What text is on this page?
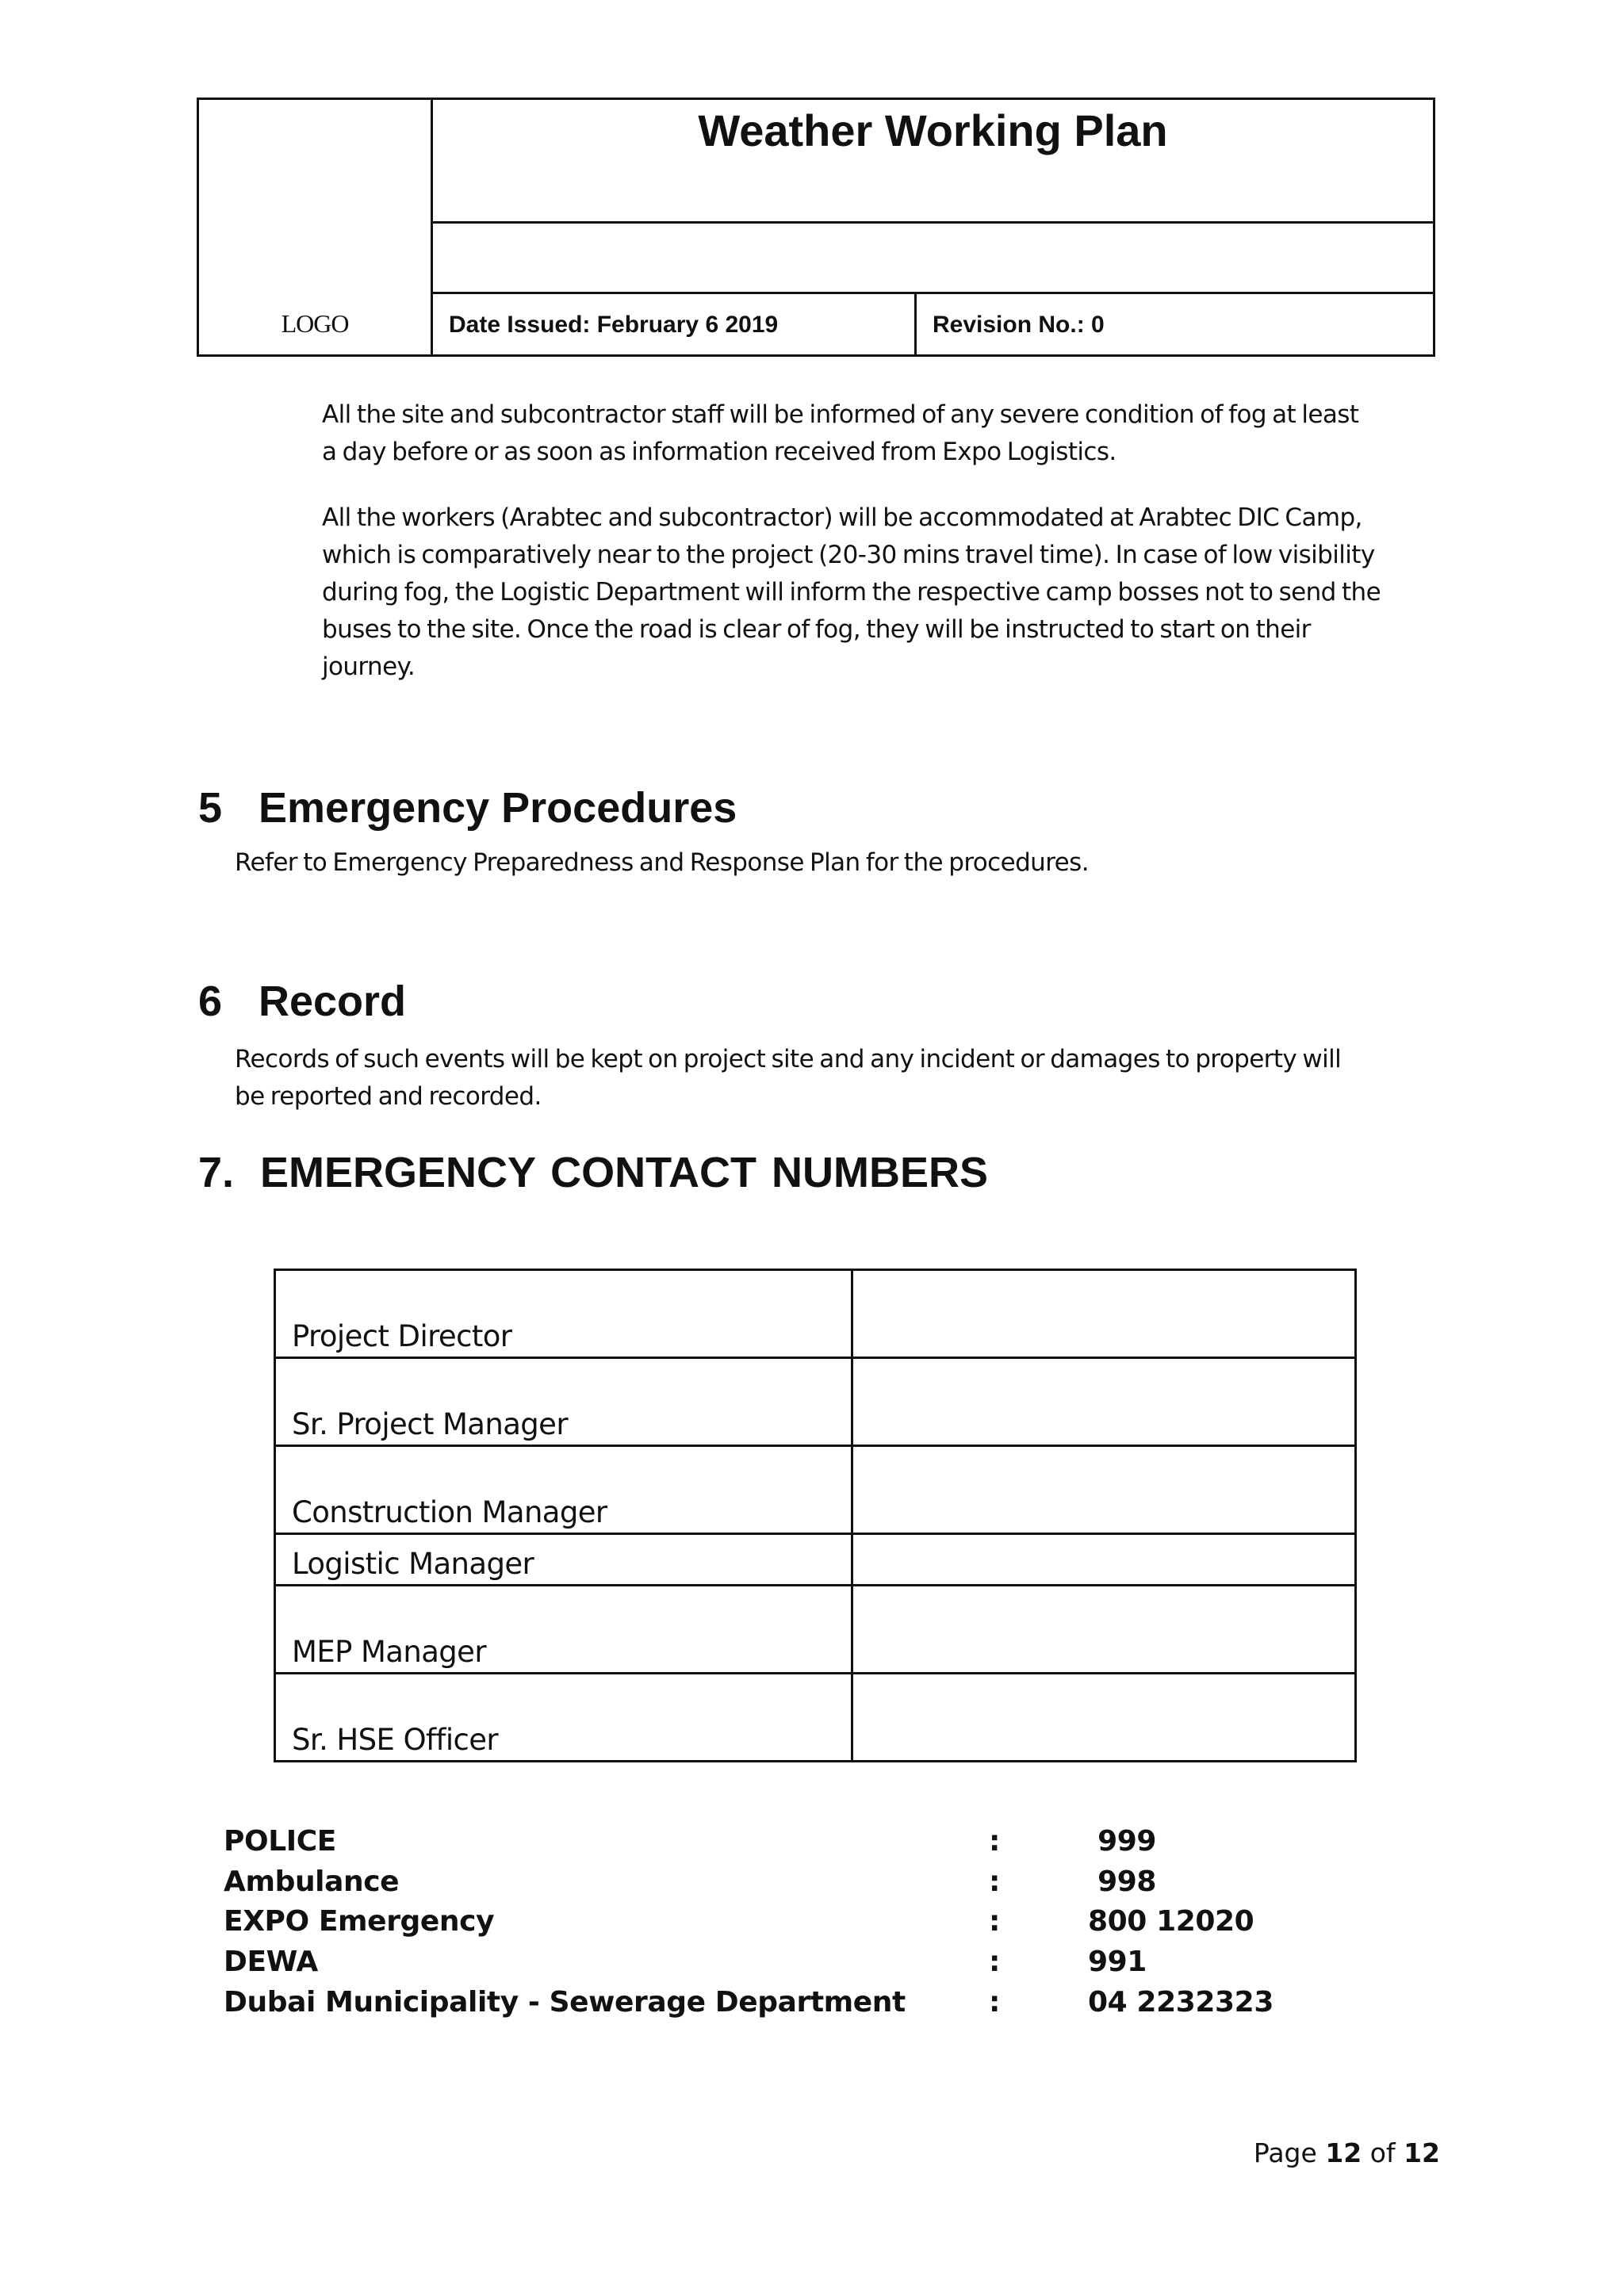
LOGO
Weather Working Plan
Date Issued: February 6 2019	Revision No.: 0

All the site and subcontractor staff will be informed of any severe condition of fog at least
a day before or as soon as information received from Expo Logistics.

All the workers (Arabtec and subcontractor) will be accommodated at Arabtec DIC Camp,
which is comparatively near to the project (20-30 mins travel time). In case of low visibility
during fog, the Logistic Department will inform the respective camp bosses not to send the
buses to the site. Once the road is clear of fog, they will be instructed to start on their
journey.

5 Emergency Procedures

Refer to Emergency Preparedness and Response Plan for the procedures.

6 Record

Records of such events will be kept on project site and any incident or damages to property will
be reported and recorded.

7. EMERGENCY CONTACT NUMBERS
Project Director	
Sr. Project Manager	
Construction Manager	
Logistic Manager	
MEP Manager	
Sr. HSE Officer	
POLICE	:	999
Ambulance	:	998
EXPO Emergency	:	800 12020
DEWA	:	991
Dubai Municipality - Sewerage Department	:	04 2232323
Page 12 of 12
